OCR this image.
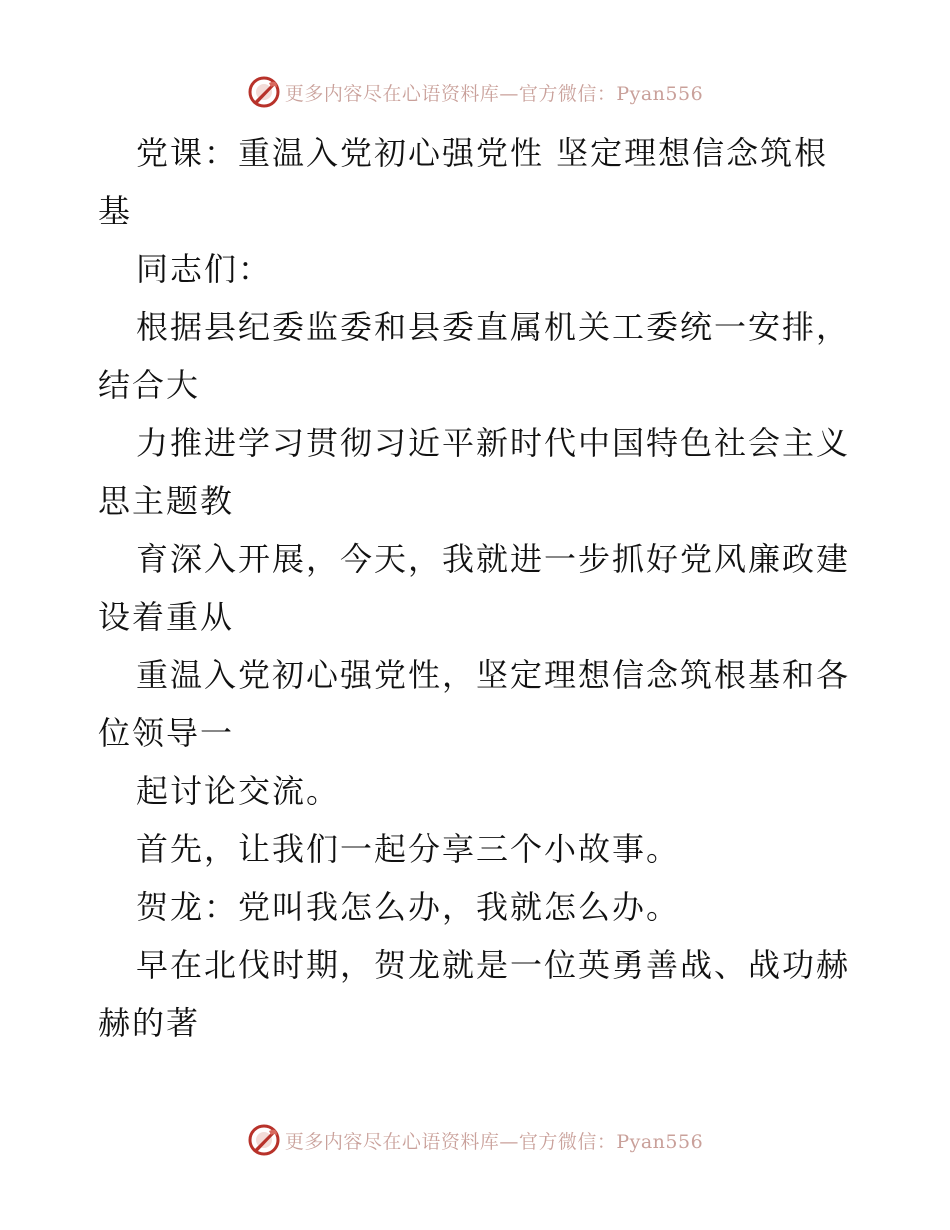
更多内容尽在心语资料库—官方微信：Pyan556

党课：重温入党初心强党性 坚定理想信念筑根基

同志们：

根据县纪委监委和县委直属机关工委统一安排，结合大

力推进学习贯彻习近平新时代中国特色社会主义思主题教

育深入开展，今天，我就进一步抓好党风廉政建设着重从

重温入党初心强党性，坚定理想信念筑根基和各位领导一

起讨论交流。

首先，让我们一起分享三个小故事。

贺龙：党叫我怎么办，我就怎么办。

早在北伐时期，贺龙就是一位英勇善战、战功赫赫的著

更多内容尽在心语资料库—官方微信：Pyan556
